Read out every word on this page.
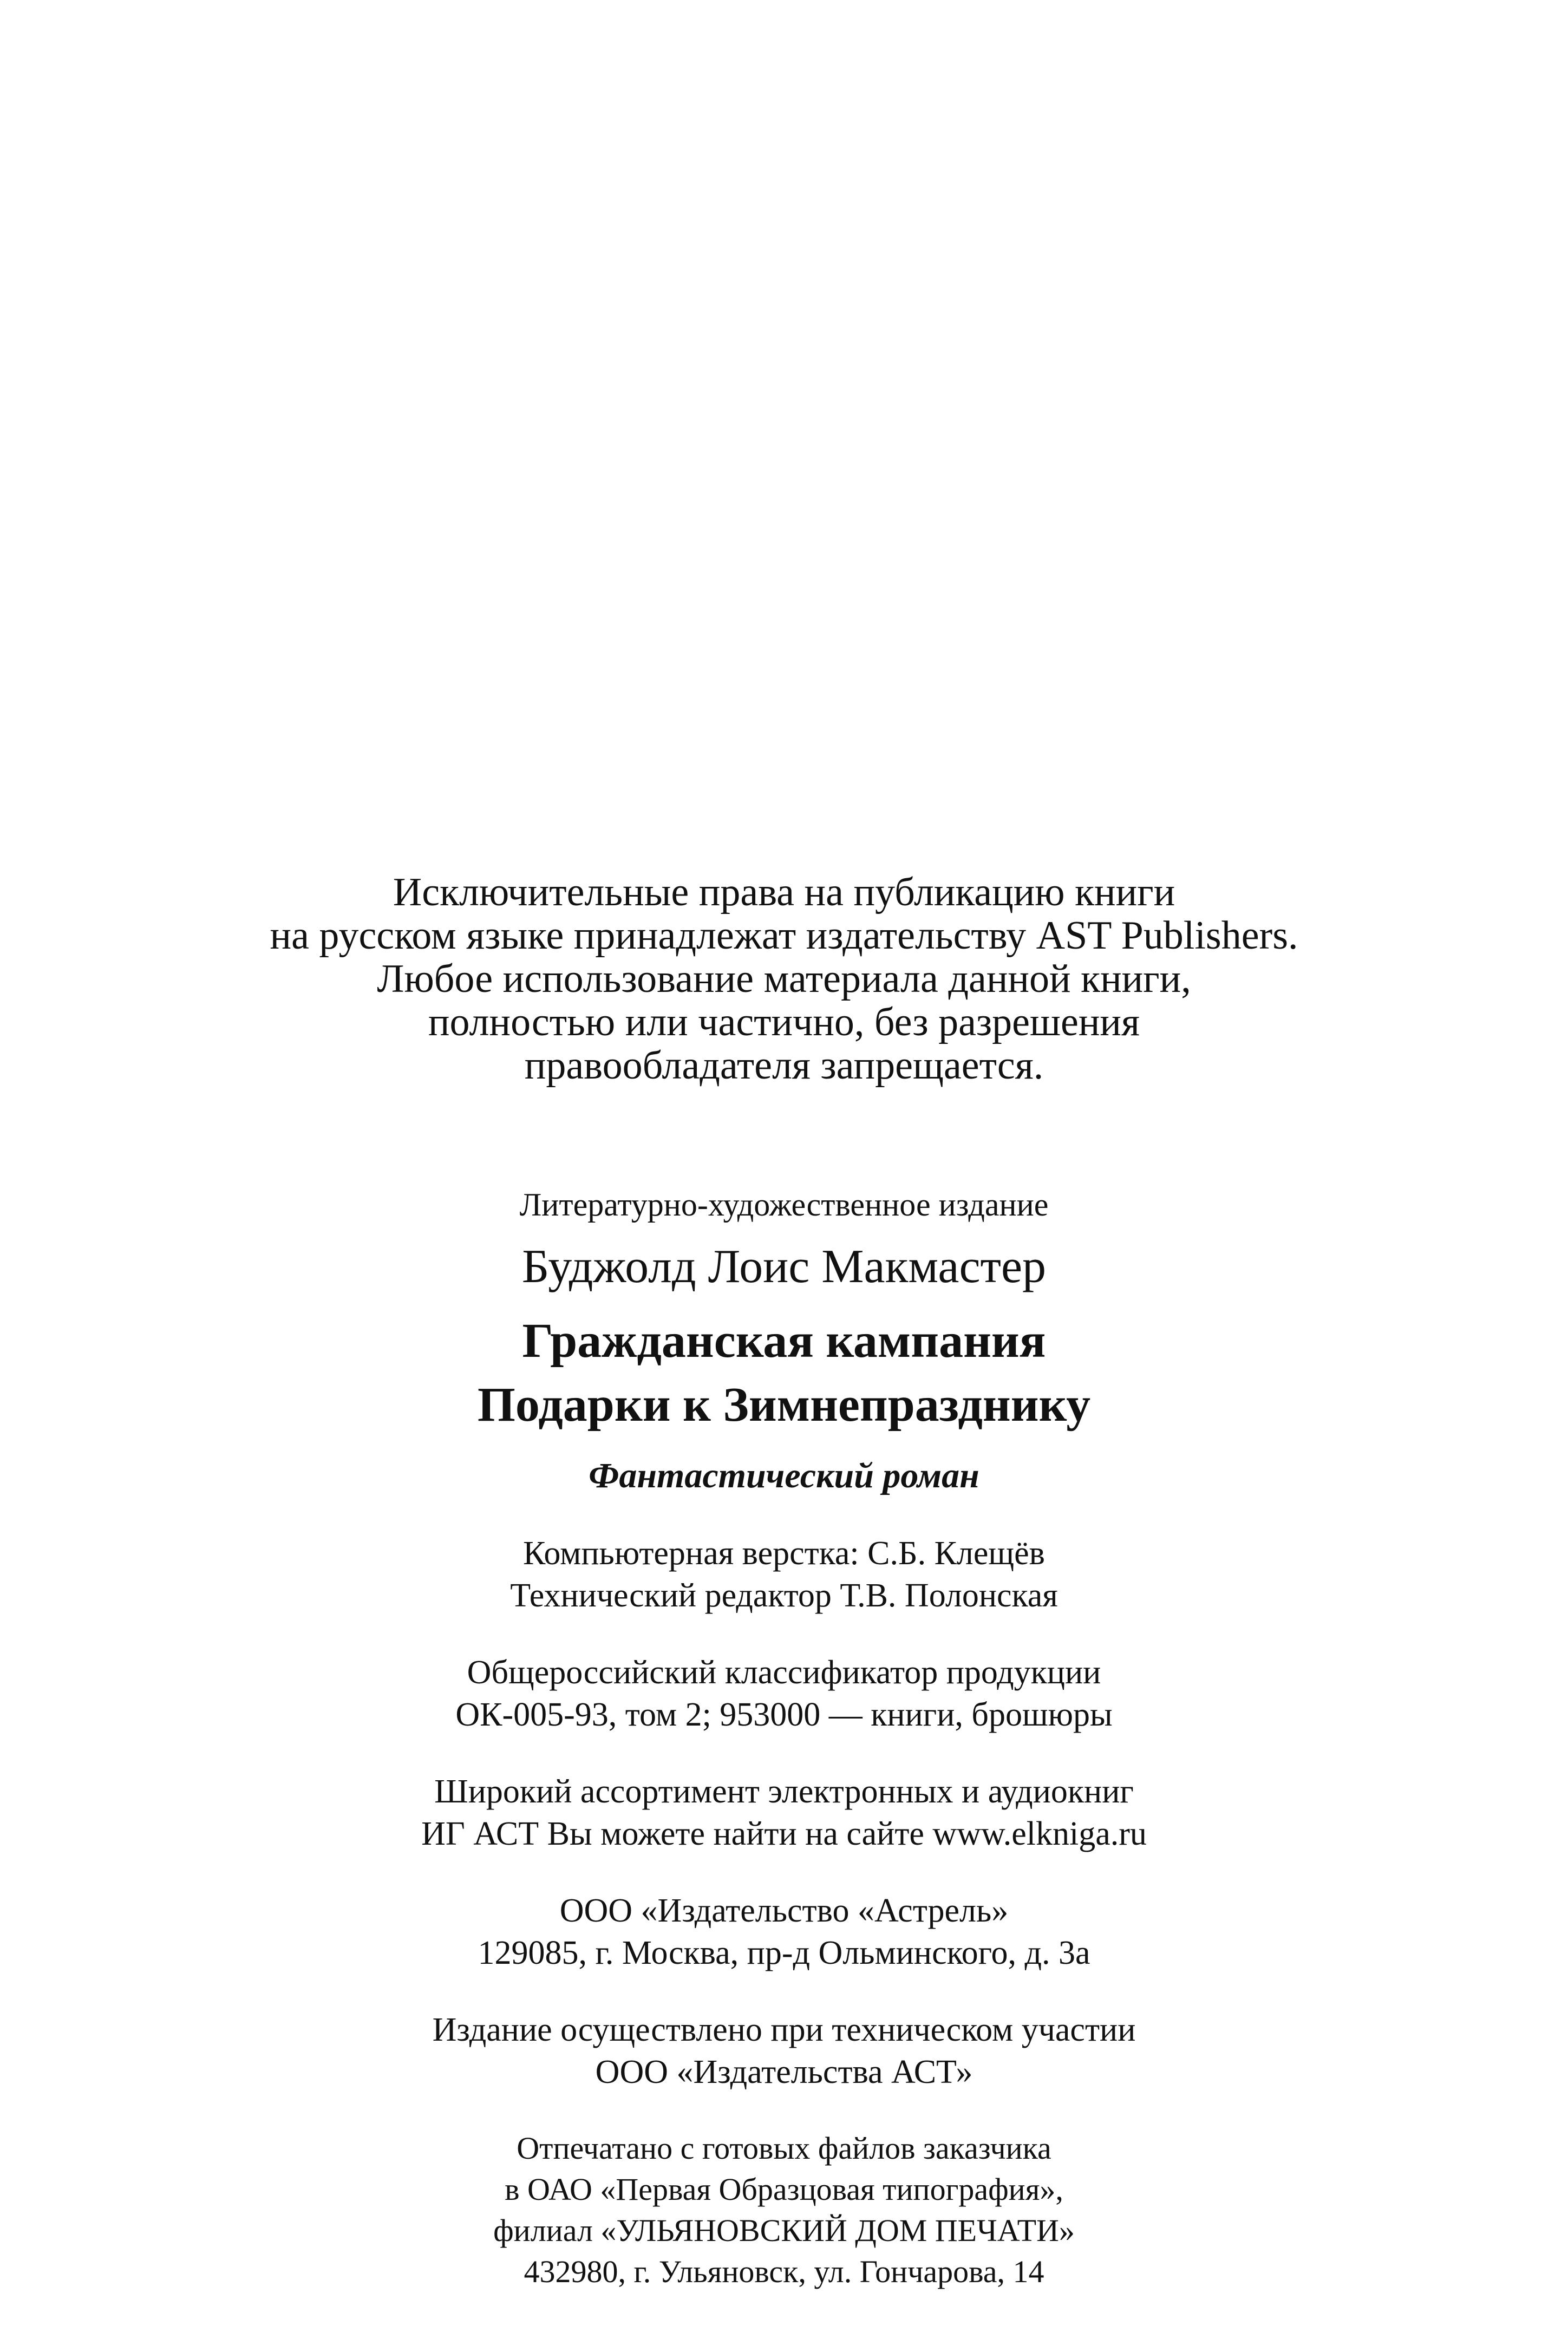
Исключительные права на публикацию книги
на русском языке принадлежат издательству AST Publishers.
Любое использование материала данной книги,
полностью или частично, без разрешения
правообладателя запрещается.
Литературно-художественное издание
Буджолд Лоис Макмастер
Гражданская кампания
Подарки к Зимнепразднику
Фантастический роман
Компьютерная верстка: С.Б. Клещёв
Технический редактор Т.В. Полонская
Общероссийский классификатор продукции
ОК-005-93, том 2; 953000 — книги, брошюры
Широкий ассортимент электронных и аудиокниг
ИГ АСТ Вы можете найти на сайте www.elkniga.ru
ООО «Издательство «Астрель»
129085, г. Москва, пр-д Ольминского, д. 3а
Издание осуществлено при техническом участии
ООО «Издательства АСТ»
Отпечатано с готовых файлов заказчика
в ОАО «Первая Образцовая типография»,
филиал «УЛЬЯНОВСКИЙ ДОМ ПЕЧАТИ»
432980, г. Ульяновск, ул. Гончарова, 14
